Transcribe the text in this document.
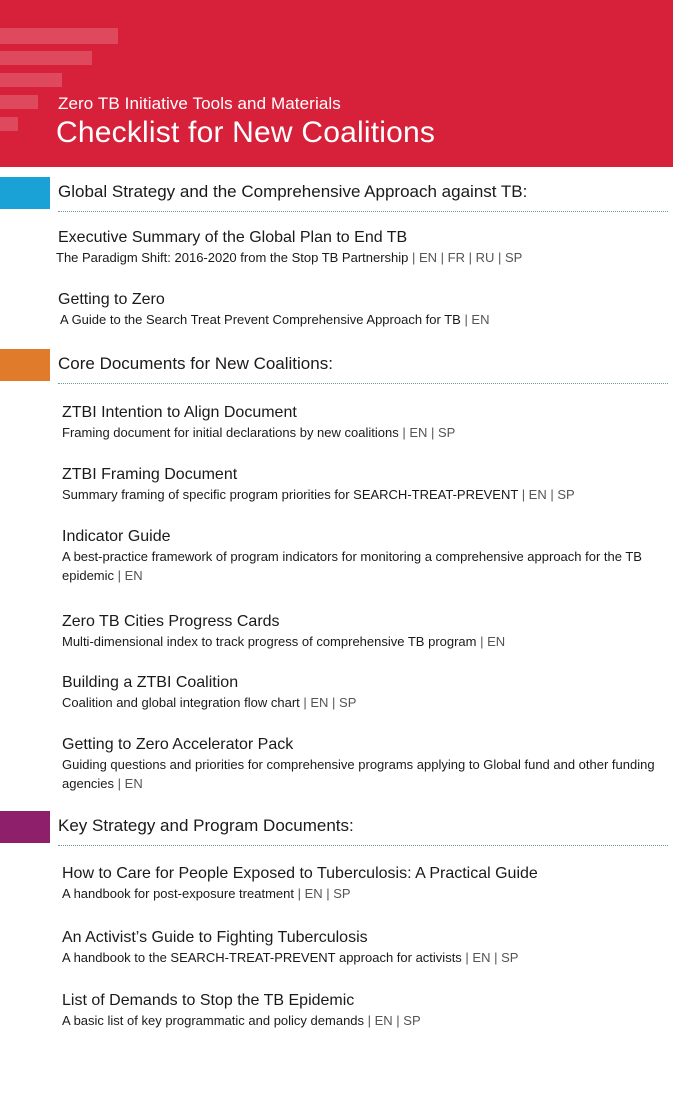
Zero TB Initiative Tools and Materials
Checklist for New Coalitions
Global Strategy and the Comprehensive Approach against TB:
Executive Summary of the Global Plan to End TB
The Paradigm Shift: 2016-2020 from the Stop TB Partnership | EN | FR | RU | SP
Getting to Zero
A Guide to the Search Treat Prevent Comprehensive Approach for TB | EN
Core Documents for New Coalitions:
ZTBI Intention to Align Document
Framing document for initial declarations by new coalitions | EN | SP
ZTBI Framing Document
Summary framing of specific program priorities for SEARCH-TREAT-PREVENT | EN | SP
Indicator Guide
A best-practice framework of program indicators for monitoring a comprehensive approach for the TB epidemic | EN
Zero TB Cities Progress Cards
Multi-dimensional index to track progress of comprehensive TB program | EN
Building a ZTBI Coalition
Coalition and global integration flow chart | EN | SP
Getting to Zero Accelerator Pack
Guiding questions and priorities for comprehensive programs applying to Global fund and other funding agencies | EN
Key Strategy and Program Documents:
How to Care for People Exposed to Tuberculosis: A Practical Guide
A handbook for post-exposure treatment | EN | SP
An Activist’s Guide to Fighting Tuberculosis
A handbook to the SEARCH-TREAT-PREVENT approach for activists | EN | SP
List of Demands to Stop the TB Epidemic
A basic list of key programmatic and policy demands | EN | SP
